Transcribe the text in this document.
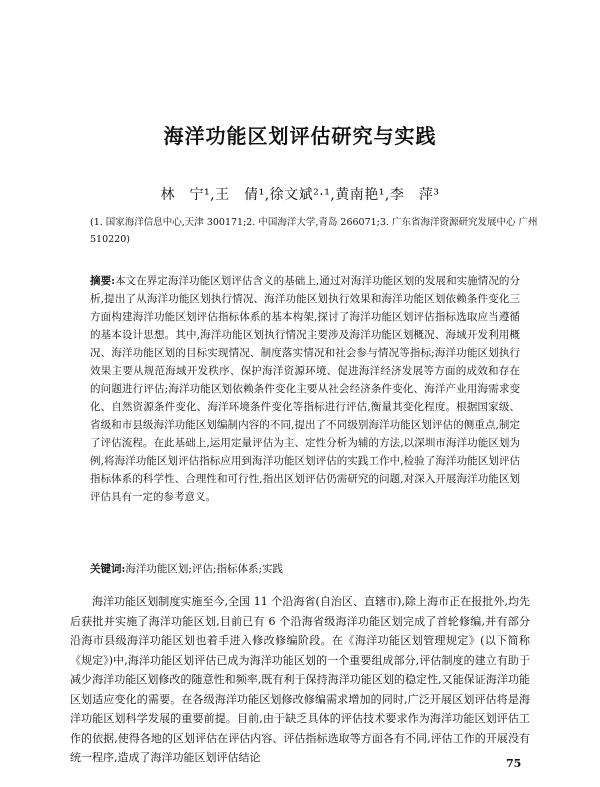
海洋功能区划评估研究与实践
林　宁¹,王　倩¹,徐文斌²·¹,黄南艳¹,李　萍³
(1. 国家海洋信息中心,天津 300171;2. 中国海洋大学,青岛 266071;3. 广东省海洋资源研究发展中心 广州 510220)
摘要:本文在界定海洋功能区划评估含义的基础上,通过对海洋功能区划的发展和实施情况的分析,提出了从海洋功能区划执行情况、海洋功能区划执行效果和海洋功能区划依赖条件变化三方面构建海洋功能区划评估指标体系的基本构架,探讨了海洋功能区划评估指标选取应当遵循的基本设计思想。其中,海洋功能区划执行情况主要涉及海洋功能区划概况、海域开发利用概况、海洋功能区划的目标实现情况、制度落实情况和社会参与情况等指标;海洋功能区划执行效果主要从规范海域开发秩序、保护海洋资源环境、促进海洋经济发展等方面的成效和存在的问题进行评估;海洋功能区划依赖条件变化主要从社会经济条件变化、海洋产业用海需求变化、自然资源条件变化、海洋环境条件变化等指标进行评估,衡量其变化程度。根据国家级、省级和市县级海洋功能区划编制内容的不同,提出了不同级别海洋功能区划评估的侧重点,制定了评估流程。在此基础上,运用定量评估为主、定性分析为辅的方法,以深圳市海洋功能区划为例,将海洋功能区划评估指标应用到海洋功能区划评估的实践工作中,检验了海洋功能区划评估指标体系的科学性、合理性和可行性,指出区划评估仍需研究的问题,对深入开展海洋功能区划评估具有一定的参考意义。
关键词:海洋功能区划;评估;指标体系;实践
海洋功能区划制度实施至今,全国 11 个沿海省(自治区、直辖市),除上海市正在报批外,均先后获批并实施了海洋功能区划,目前已有 6 个沿海省级海洋功能区划完成了首轮修编,并有部分沿海市县级海洋功能区划也着手进入修改修编阶段。在《海洋功能区划管理规定》(以下简称《规定》)中,海洋功能区划评估已成为海洋功能区划的一个重要组成部分,评估制度的建立有助于减少海洋功能区划修改的随意性和频率,既有利于保持海洋功能区划的稳定性,又能保证海洋功能区划适应变化的需要。在各级海洋功能区划修改修编需求增加的同时,广泛开展区划评估将是海洋功能区划科学发展的重要前提。目前,由于缺乏具体的评估技术要求作为海洋功能区划评估工作的依据,使得各地的区划评估在评估内容、评估指标选取等方面各有不同,评估工作的开展没有统一程序,造成了海洋功能区划评估结论	75
